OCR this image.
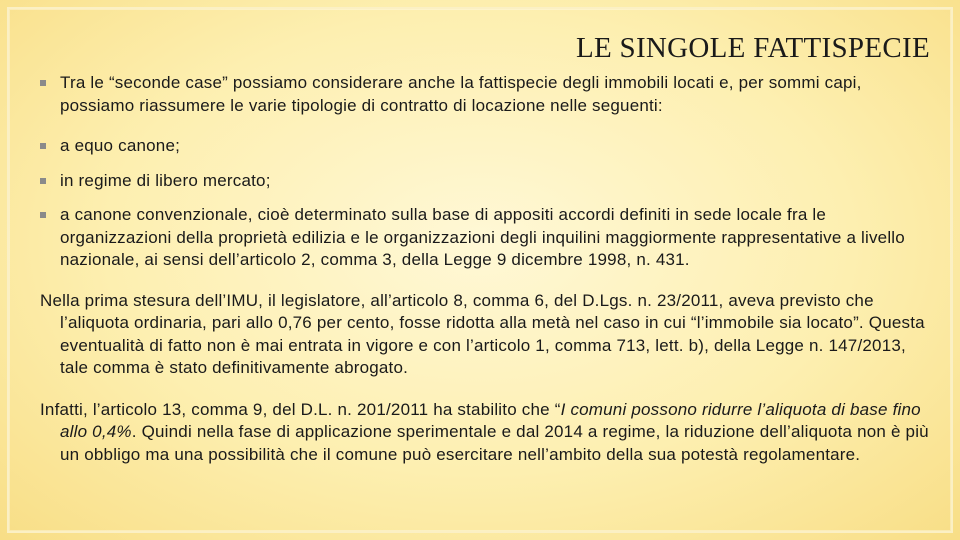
LE SINGOLE FATTISPECIE
Tra le “seconde case” possiamo considerare anche la fattispecie degli immobili locati e, per sommi capi, possiamo riassumere le varie tipologie di contratto di locazione nelle seguenti:
a equo canone;
in regime di libero mercato;
a canone convenzionale, cioè determinato sulla base di appositi accordi definiti in sede locale fra le organizzazioni della proprietà edilizia e le organizzazioni degli inquilini maggiormente rappresentative a livello nazionale, ai sensi dell’articolo 2, comma 3, della Legge 9 dicembre 1998, n. 431.
Nella prima stesura dell’IMU, il legislatore, all’articolo 8, comma 6, del D.Lgs. n. 23/2011, aveva previsto che l’aliquota ordinaria, pari allo 0,76 per cento, fosse ridotta alla metà nel caso in cui “l’immobile sia locato”. Questa eventualità di fatto non è mai entrata in vigore e con l’articolo 1, comma 713, lett. b), della Legge n. 147/2013, tale comma è stato definitivamente abrogato.
Infatti, l’articolo 13, comma 9, del D.L. n. 201/2011 ha stabilito che “I comuni possono ridurre l’aliquota di base fino allo 0,4%. Quindi nella fase di applicazione sperimentale e dal 2014 a regime, la riduzione dell’aliquota non è più un obbligo ma una possibilità che il comune può esercitare nell’ambito della sua potestà regolamentare.
